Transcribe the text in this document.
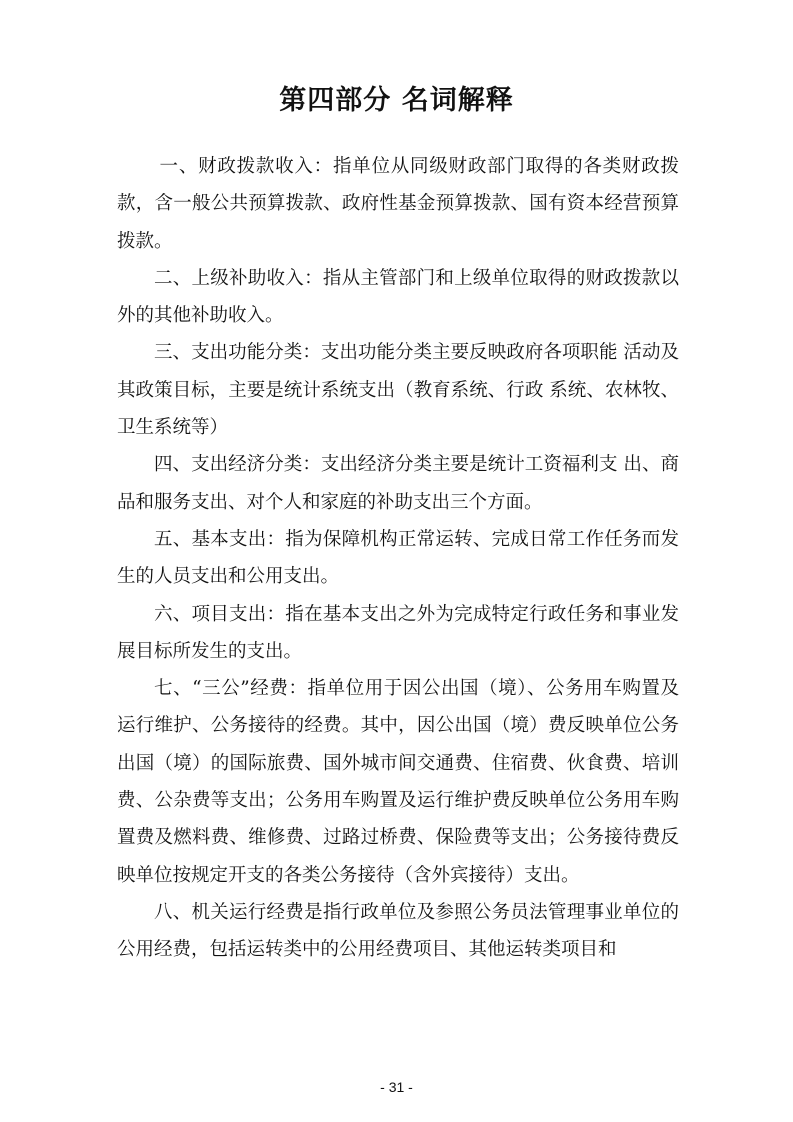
第四部分 名词解释

一、财政拨款收入：指单位从同级财政部门取得的各类财政拨款，含一般公共预算拨款、政府性基金预算拨款、国有资本经营预算拨款。

二、上级补助收入：指从主管部门和上级单位取得的财政拨款以外的其他补助收入。

三、支出功能分类：支出功能分类主要反映政府各项职能 活动及其政策目标，主要是统计系统支出（教育系统、行政 系统、农林牧、卫生系统等）

四、支出经济分类：支出经济分类主要是统计工资福利支 出、商品和服务支出、对个人和家庭的补助支出三个方面。

五、基本支出：指为保障机构正常运转、完成日常工作任务而发生的人员支出和公用支出。

六、项目支出：指在基本支出之外为完成特定行政任务和事业发展目标所发生的支出。

七、“三公”经费：指单位用于因公出国（境）、公务用车购置及运行维护、公务接待的经费。其中，因公出国（境）费反映单位公务出国（境）的国际旅费、国外城市间交通费、住宿费、伙食费、培训费、公杂费等支出；公务用车购置及运行维护费反映单位公务用车购置费及燃料费、维修费、过路过桥费、保险费等支出；公务接待费反映单位按规定开支的各类公务接待（含外宾接待）支出。

八、机关运行经费是指行政单位及参照公务员法管理事业单位的公用经费，包括运转类中的公用经费项目、其他运转类项目和

- 31 -
